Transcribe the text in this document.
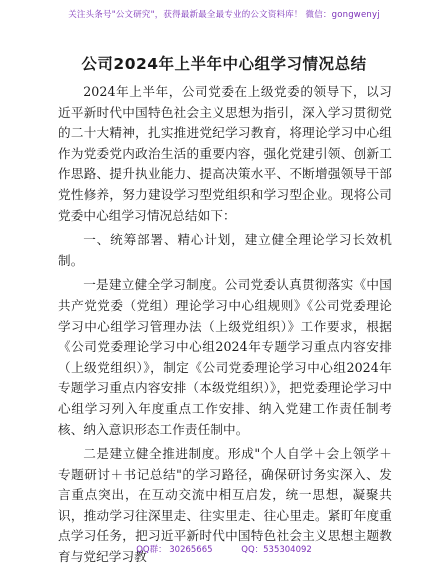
关注头条号"公文研究"，获得最新最全最专业的公文资料库！ 微信：gongwenyj
公司2024年上半年中心组学习情况总结

2024年上半年，公司党委在上级党委的领导下，以习近平新时代中国特色社会主义思想为指引，深入学习贯彻党的二十大精神，扎实推进党纪学习教育，将理论学习中心组作为党委党内政治生活的重要内容，强化党建引领、创新工作思路、提升执业能力、提高决策水平、不断增强领导干部党性修养，努力建设学习型党组织和学习型企业。现将公司党委中心组学习情况总结如下：

一、统筹部署、精心计划，建立健全理论学习长效机制。

一是建立健全学习制度。公司党委认真贯彻落实《中国共产党党委（党组）理论学习中心组规则》《公司党委理论学习中心组学习管理办法（上级党组织）》工作要求，根据《公司党委理论学习中心组2024年专题学习重点内容安排（上级党组织）》，制定《公司党委理论学习中心组2024年专题学习重点内容安排（本级党组织）》，把党委理论学习中心组学习列入年度重点工作安排、纳入党建工作责任制考核、纳入意识形态工作责任制中。

二是建立健全推进制度。形成"个人自学＋会上领学＋专题研讨＋书记总结"的学习路径，确保研讨务实深入、发言重点突出，在互动交流中相互启发，统一思想，凝聚共识，推动学习往深里走、往实里走、往心里走。紧盯年度重点学习任务，把习近平新时代中国特色社会主义思想主题教育与党纪学习教

QQ群： 30265665	QQ：535304092
